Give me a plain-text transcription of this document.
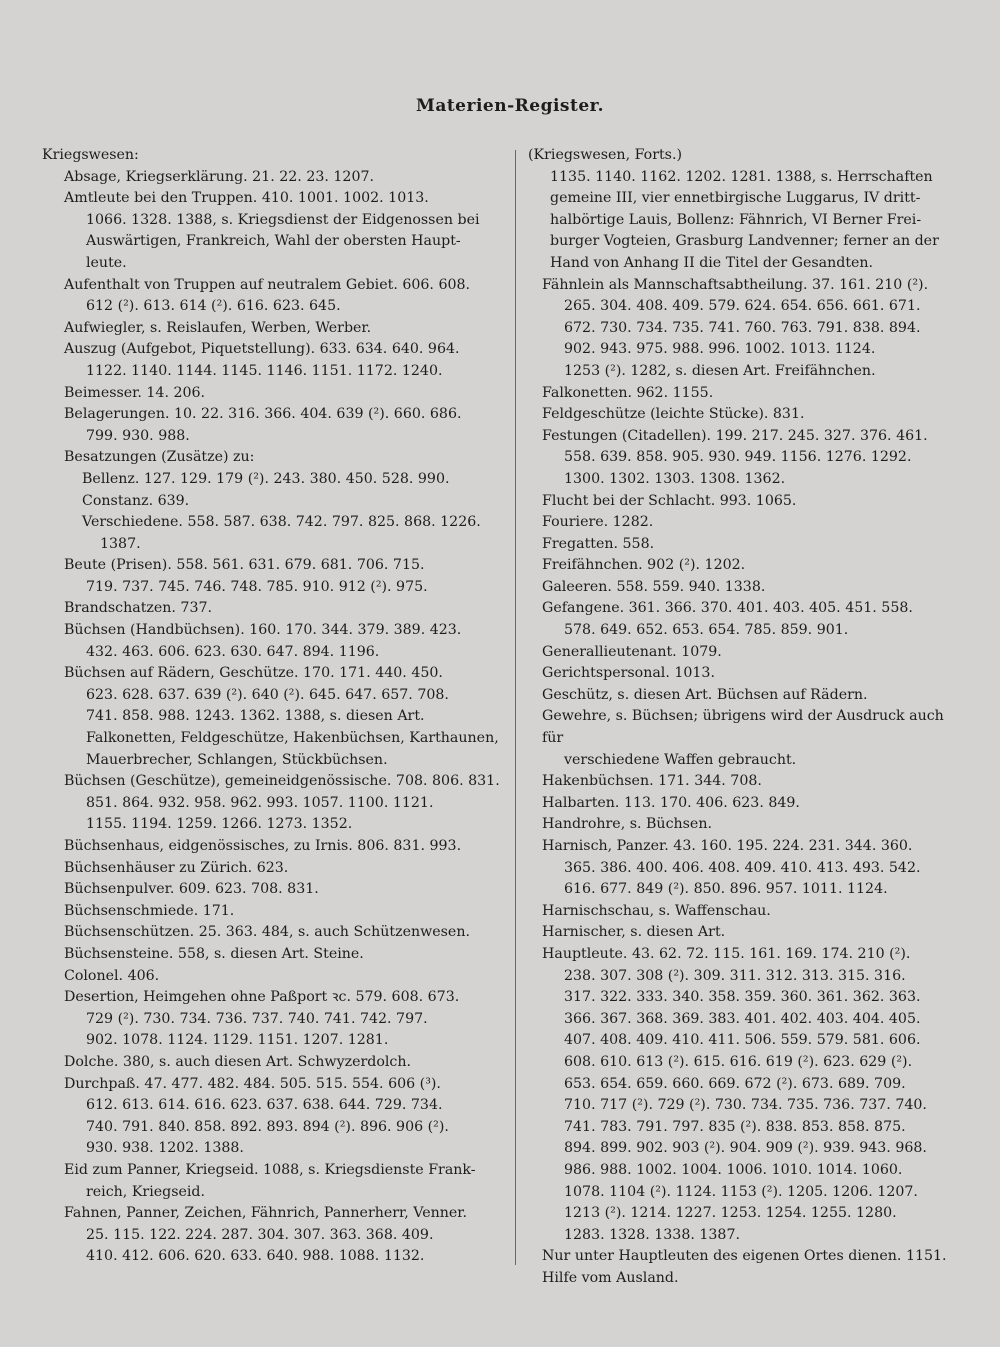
Materien-Register.
Kriegswesen:
Absage, Kriegserklärung. 21. 22. 23. 1207.
Amtleute bei den Truppen. 410. 1001. 1002. 1013.
1066. 1328. 1388, s. Kriegsdienst der Eidgenossen bei
Auswärtigen, Frankreich, Wahl der obersten Haupt-
leute.
Aufenthalt von Truppen auf neutralem Gebiet. 606. 608.
612 (²). 613. 614 (²). 616. 623. 645.
Aufwiegler, s. Reislaufen, Werben, Werber.
Auszug (Aufgebot, Piquetstellung). 633. 634. 640. 964.
1122. 1140. 1144. 1145. 1146. 1151. 1172. 1240.
Beimesser. 14. 206.
Belagerungen. 10. 22. 316. 366. 404. 639 (²). 660. 686.
799. 930. 988.
Besatzungen (Zusätze) zu:
Bellenz. 127. 129. 179 (²). 243. 380. 450. 528. 990.
Constanz. 639.
Verschiedene. 558. 587. 638. 742. 797. 825. 868. 1226.
1387.
Beute (Prisen). 558. 561. 631. 679. 681. 706. 715.
719. 737. 745. 746. 748. 785. 910. 912 (²). 975.
Brandschatzen. 737.
Büchsen (Handbüchsen). 160. 170. 344. 379. 389. 423.
432. 463. 606. 623. 630. 647. 894. 1196.
Büchsen auf Rädern, Geschütze. 170. 171. 440. 450.
623. 628. 637. 639 (²). 640 (²). 645. 647. 657. 708.
741. 858. 988. 1243. 1362. 1388, s. diesen Art.
Falkonetten, Feldgeschütze, Hakenbüchsen, Karthaunen,
Mauerbrecher, Schlangen, Stückbüchsen.
Büchsen (Geschütze), gemeineidgenössische. 708. 806. 831.
851. 864. 932. 958. 962. 993. 1057. 1100. 1121.
1155. 1194. 1259. 1266. 1273. 1352.
Büchsenhaus, eidgenössisches, zu Irnis. 806. 831. 993.
Büchsenhäuser zu Zürich. 623.
Büchsenpulver. 609. 623. 708. 831.
Büchsenschmiede. 171.
Büchsenschützen. 25. 363. 484, s. auch Schützenwesen.
Büchsensteine. 558, s. diesen Art. Steine.
Colonel. 406.
Desertion, Heimgehen ohne Paßport ꝛc. 579. 608. 673.
729 (²). 730. 734. 736. 737. 740. 741. 742. 797.
902. 1078. 1124. 1129. 1151. 1207. 1281.
Dolche. 380, s. auch diesen Art. Schwyzerdolch.
Durchpaß. 47. 477. 482. 484. 505. 515. 554. 606 (³).
612. 613. 614. 616. 623. 637. 638. 644. 729. 734.
740. 791. 840. 858. 892. 893. 894 (²). 896. 906 (²).
930. 938. 1202. 1388.
Eid zum Panner, Kriegseid. 1088, s. Kriegsdienste Frank-
reich, Kriegseid.
Fahnen, Panner, Zeichen, Fähnrich, Pannerherr, Venner.
25. 115. 122. 224. 287. 304. 307. 363. 368. 409.
410. 412. 606. 620. 633. 640. 988. 1088. 1132.
(Kriegswesen, Forts.)
1135. 1140. 1162. 1202. 1281. 1388, s. Herrschaften
gemeine III, vier ennetbirgische Luggarus, IV dritt-
halbörtige Lauis, Bollenz: Fähnrich, VI Berner Frei-
burger Vogteien, Grasburg Landvenner; ferner an der
Hand von Anhang II die Titel der Gesandten.
Fähnlein als Mannschaftsabtheilung. 37. 161. 210 (²).
265. 304. 408. 409. 579. 624. 654. 656. 661. 671.
672. 730. 734. 735. 741. 760. 763. 791. 838. 894.
902. 943. 975. 988. 996. 1002. 1013. 1124.
1253 (²). 1282, s. diesen Art. Freifähnchen.
Falkonetten. 962. 1155.
Feldgeschütze (leichte Stücke). 831.
Festungen (Citadellen). 199. 217. 245. 327. 376. 461.
558. 639. 858. 905. 930. 949. 1156. 1276. 1292.
1300. 1302. 1303. 1308. 1362.
Flucht bei der Schlacht. 993. 1065.
Fouriere. 1282.
Fregatten. 558.
Freifähnchen. 902 (²). 1202.
Galeeren. 558. 559. 940. 1338.
Gefangene. 361. 366. 370. 401. 403. 405. 451. 558.
578. 649. 652. 653. 654. 785. 859. 901.
Generallieutenant. 1079.
Gerichtspersonal. 1013.
Geschütz, s. diesen Art. Büchsen auf Rädern.
Gewehre, s. Büchsen; übrigens wird der Ausdruck auch für
verschiedene Waffen gebraucht.
Hakenbüchsen. 171. 344. 708.
Halbarten. 113. 170. 406. 623. 849.
Handrohre, s. Büchsen.
Harnisch, Panzer. 43. 160. 195. 224. 231. 344. 360.
365. 386. 400. 406. 408. 409. 410. 413. 493. 542.
616. 677. 849 (²). 850. 896. 957. 1011. 1124.
Harnischschau, s. Waffenschau.
Harnischer, s. diesen Art.
Hauptleute. 43. 62. 72. 115. 161. 169. 174. 210 (²).
238. 307. 308 (²). 309. 311. 312. 313. 315. 316.
317. 322. 333. 340. 358. 359. 360. 361. 362. 363.
366. 367. 368. 369. 383. 401. 402. 403. 404. 405.
407. 408. 409. 410. 411. 506. 559. 579. 581. 606.
608. 610. 613 (²). 615. 616. 619 (²). 623. 629 (²).
653. 654. 659. 660. 669. 672 (²). 673. 689. 709.
710. 717 (²). 729 (²). 730. 734. 735. 736. 737. 740.
741. 783. 791. 797. 835 (²). 838. 853. 858. 875.
894. 899. 902. 903 (²). 904. 909 (²). 939. 943. 968.
986. 988. 1002. 1004. 1006. 1010. 1014. 1060.
1078. 1104 (²). 1124. 1153 (²). 1205. 1206. 1207.
1213 (²). 1214. 1227. 1253. 1254. 1255. 1280.
1283. 1328. 1338. 1387.
Nur unter Hauptleuten des eigenen Ortes dienen. 1151.
Hilfe vom Ausland.
